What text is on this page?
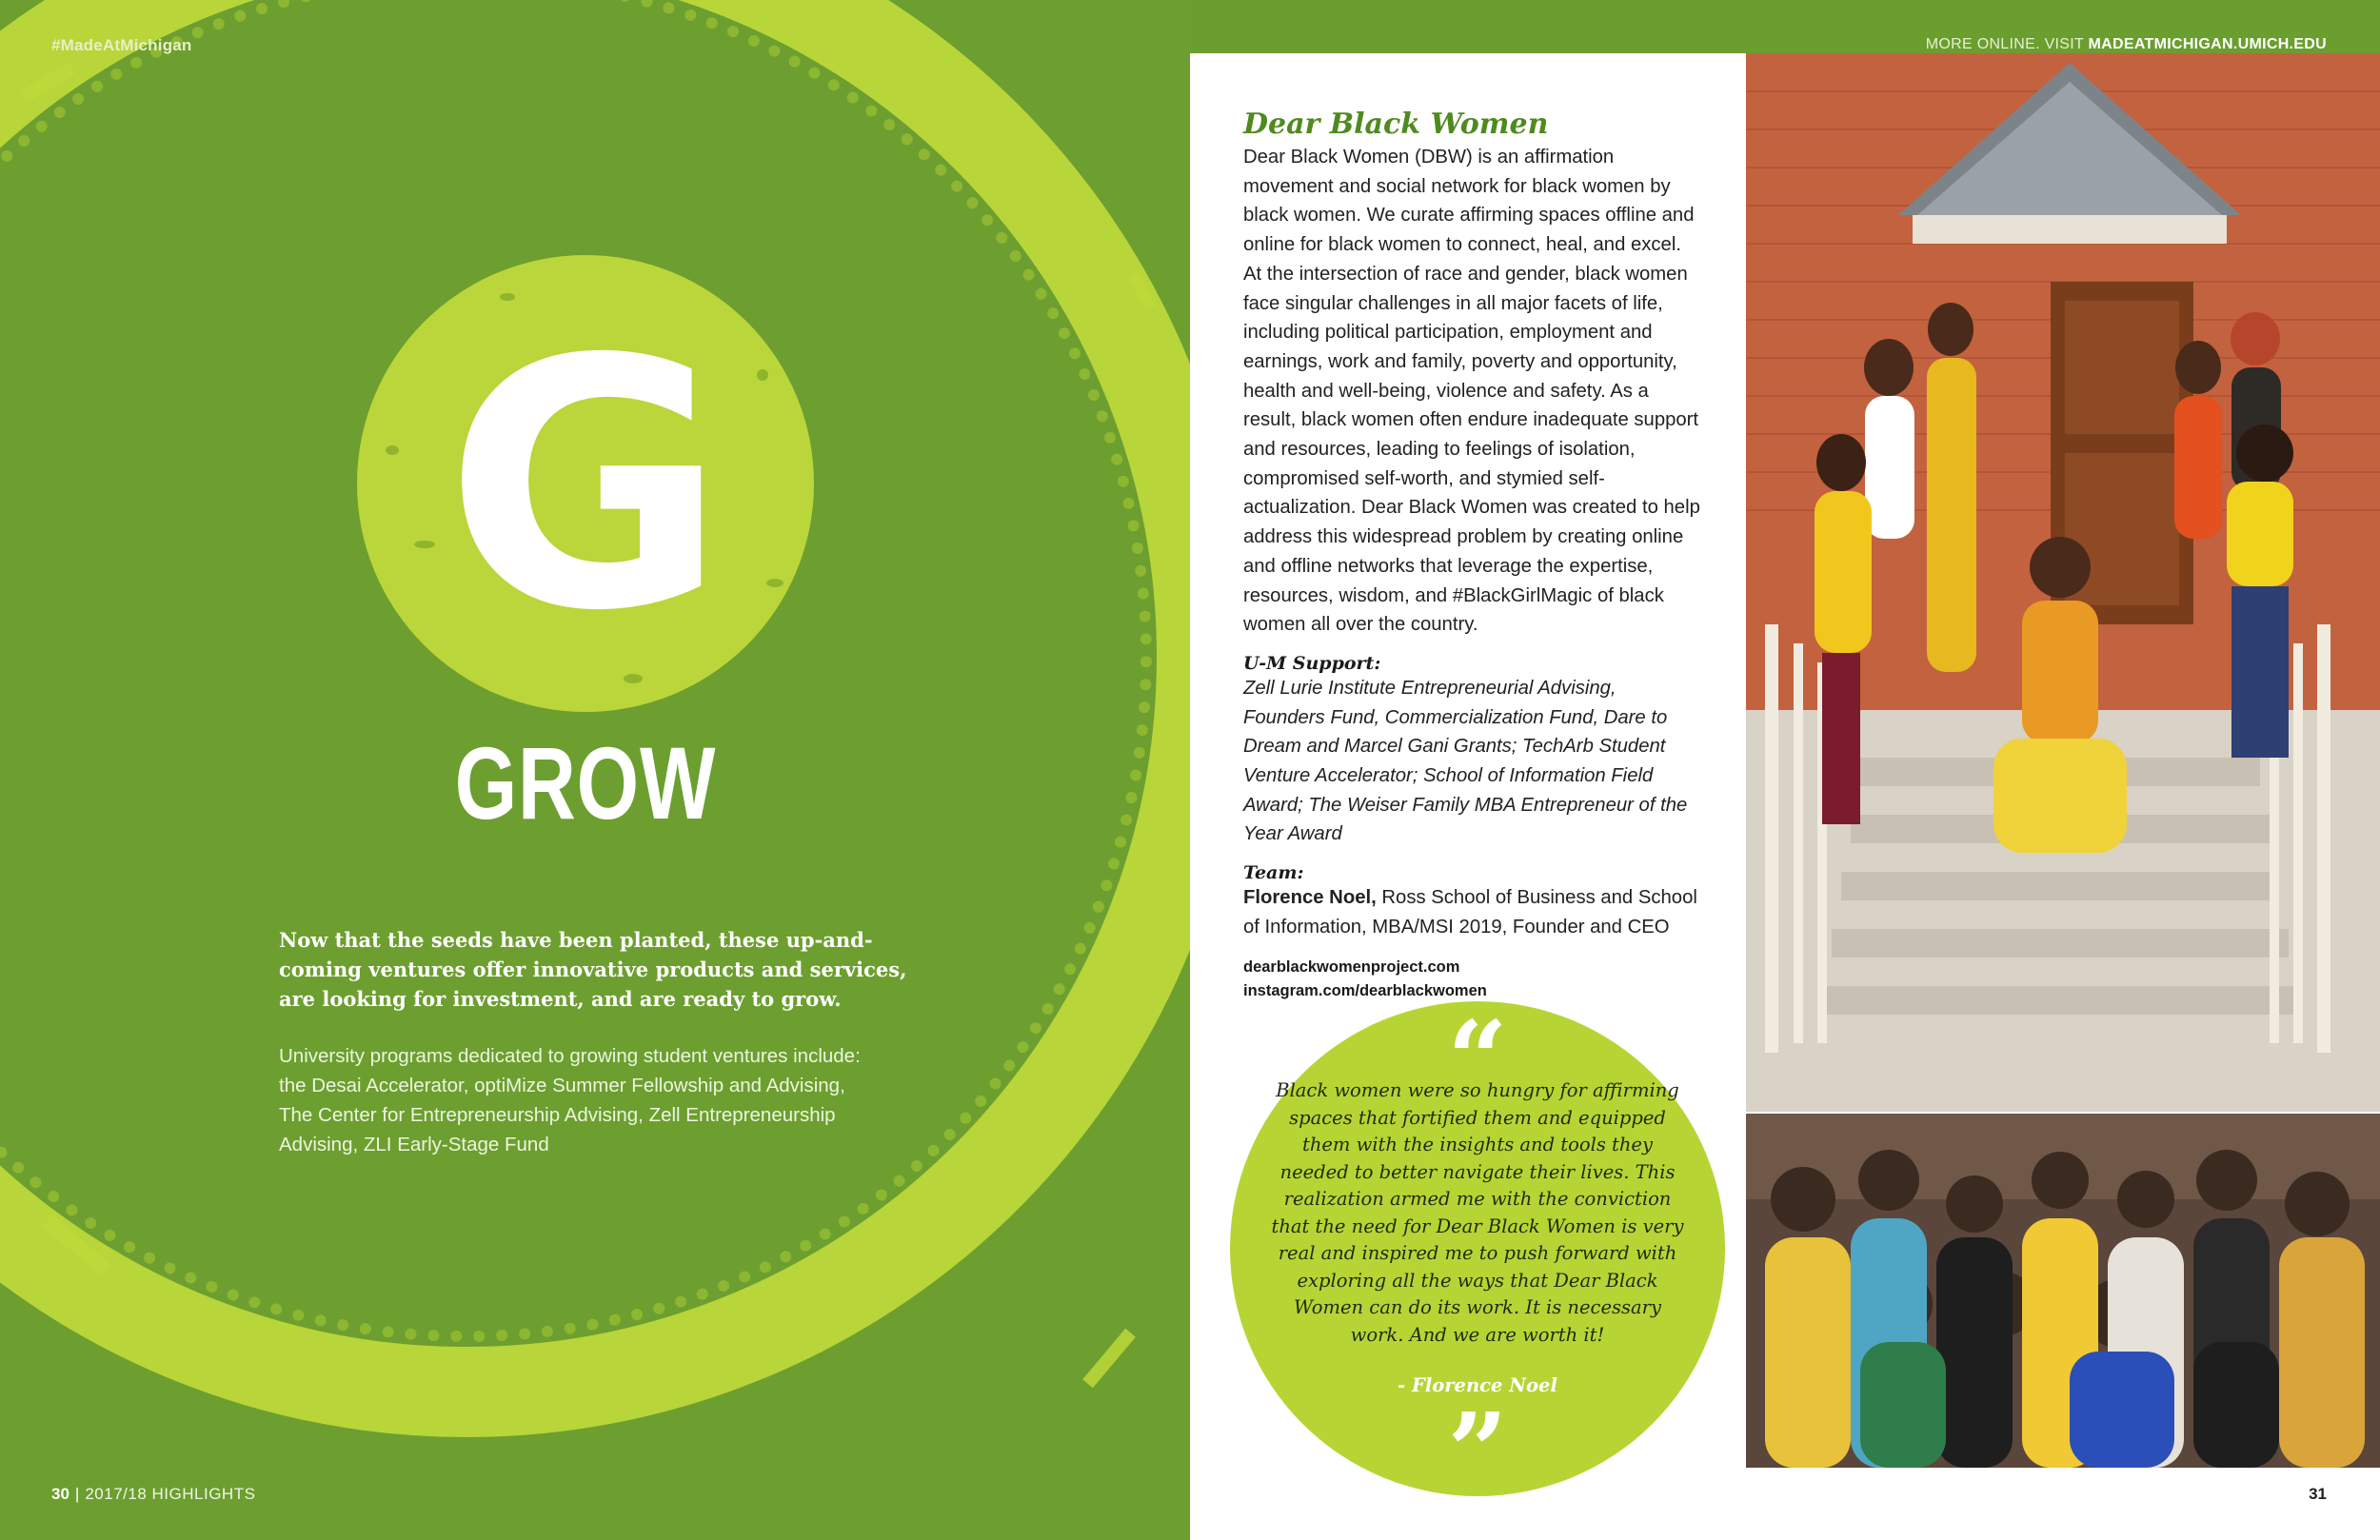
#MadeAtMichigan
G
GROW
Now that the seeds have been planted, these up-and-coming ventures offer innovative products and services, are looking for investment, and are ready to grow.
University programs dedicated to growing student ventures include: the Desai Accelerator, optiMize Summer Fellowship and Advising, The Center for Entrepreneurship Advising, Zell Entrepreneurship Advising, ZLI Early-Stage Fund
30 | 2017/18 HIGHLIGHTS
MORE ONLINE. VISIT MADEATMICHIGAN.UMICH.EDU
Dear Black Women

Dear Black Women (DBW) is an affirmation movement and social network for black women by black women. We curate affirming spaces offline and online for black women to connect, heal, and excel. At the intersection of race and gender, black women face singular challenges in all major facets of life, including political participation, employment and earnings, work and family, poverty and opportunity, health and well-being, violence and safety. As a result, black women often endure inadequate support and resources, leading to feelings of isolation, compromised self-worth, and stymied self-actualization. Dear Black Women was created to help address this widespread problem by creating online and offline networks that leverage the expertise, resources, wisdom, and #BlackGirlMagic of black women all over the country.

U-M Support:

Zell Lurie Institute Entrepreneurial Advising, Founders Fund, Commercialization Fund, Dare to Dream and Marcel Gani Grants; TechArb Student Venture Accelerator; School of Information Field Award; The Weiser Family MBA Entrepreneur of the Year Award

Team:

Florence Noel, Ross School of Business and School of Information, MBA/MSI 2019, Founder and CEO

dearblackwomenproject.com
instagram.com/dearblackwomen

“
Black women were so hungry for affirming spaces that fortified them and equipped them with the insights and tools they needed to better navigate their lives. This realization armed me with the conviction that the need for Dear Black Women is very real and inspired me to push forward with exploring all the ways that Dear Black Women can do its work. It is necessary work. And we are worth it!
- Florence Noel
”	31
